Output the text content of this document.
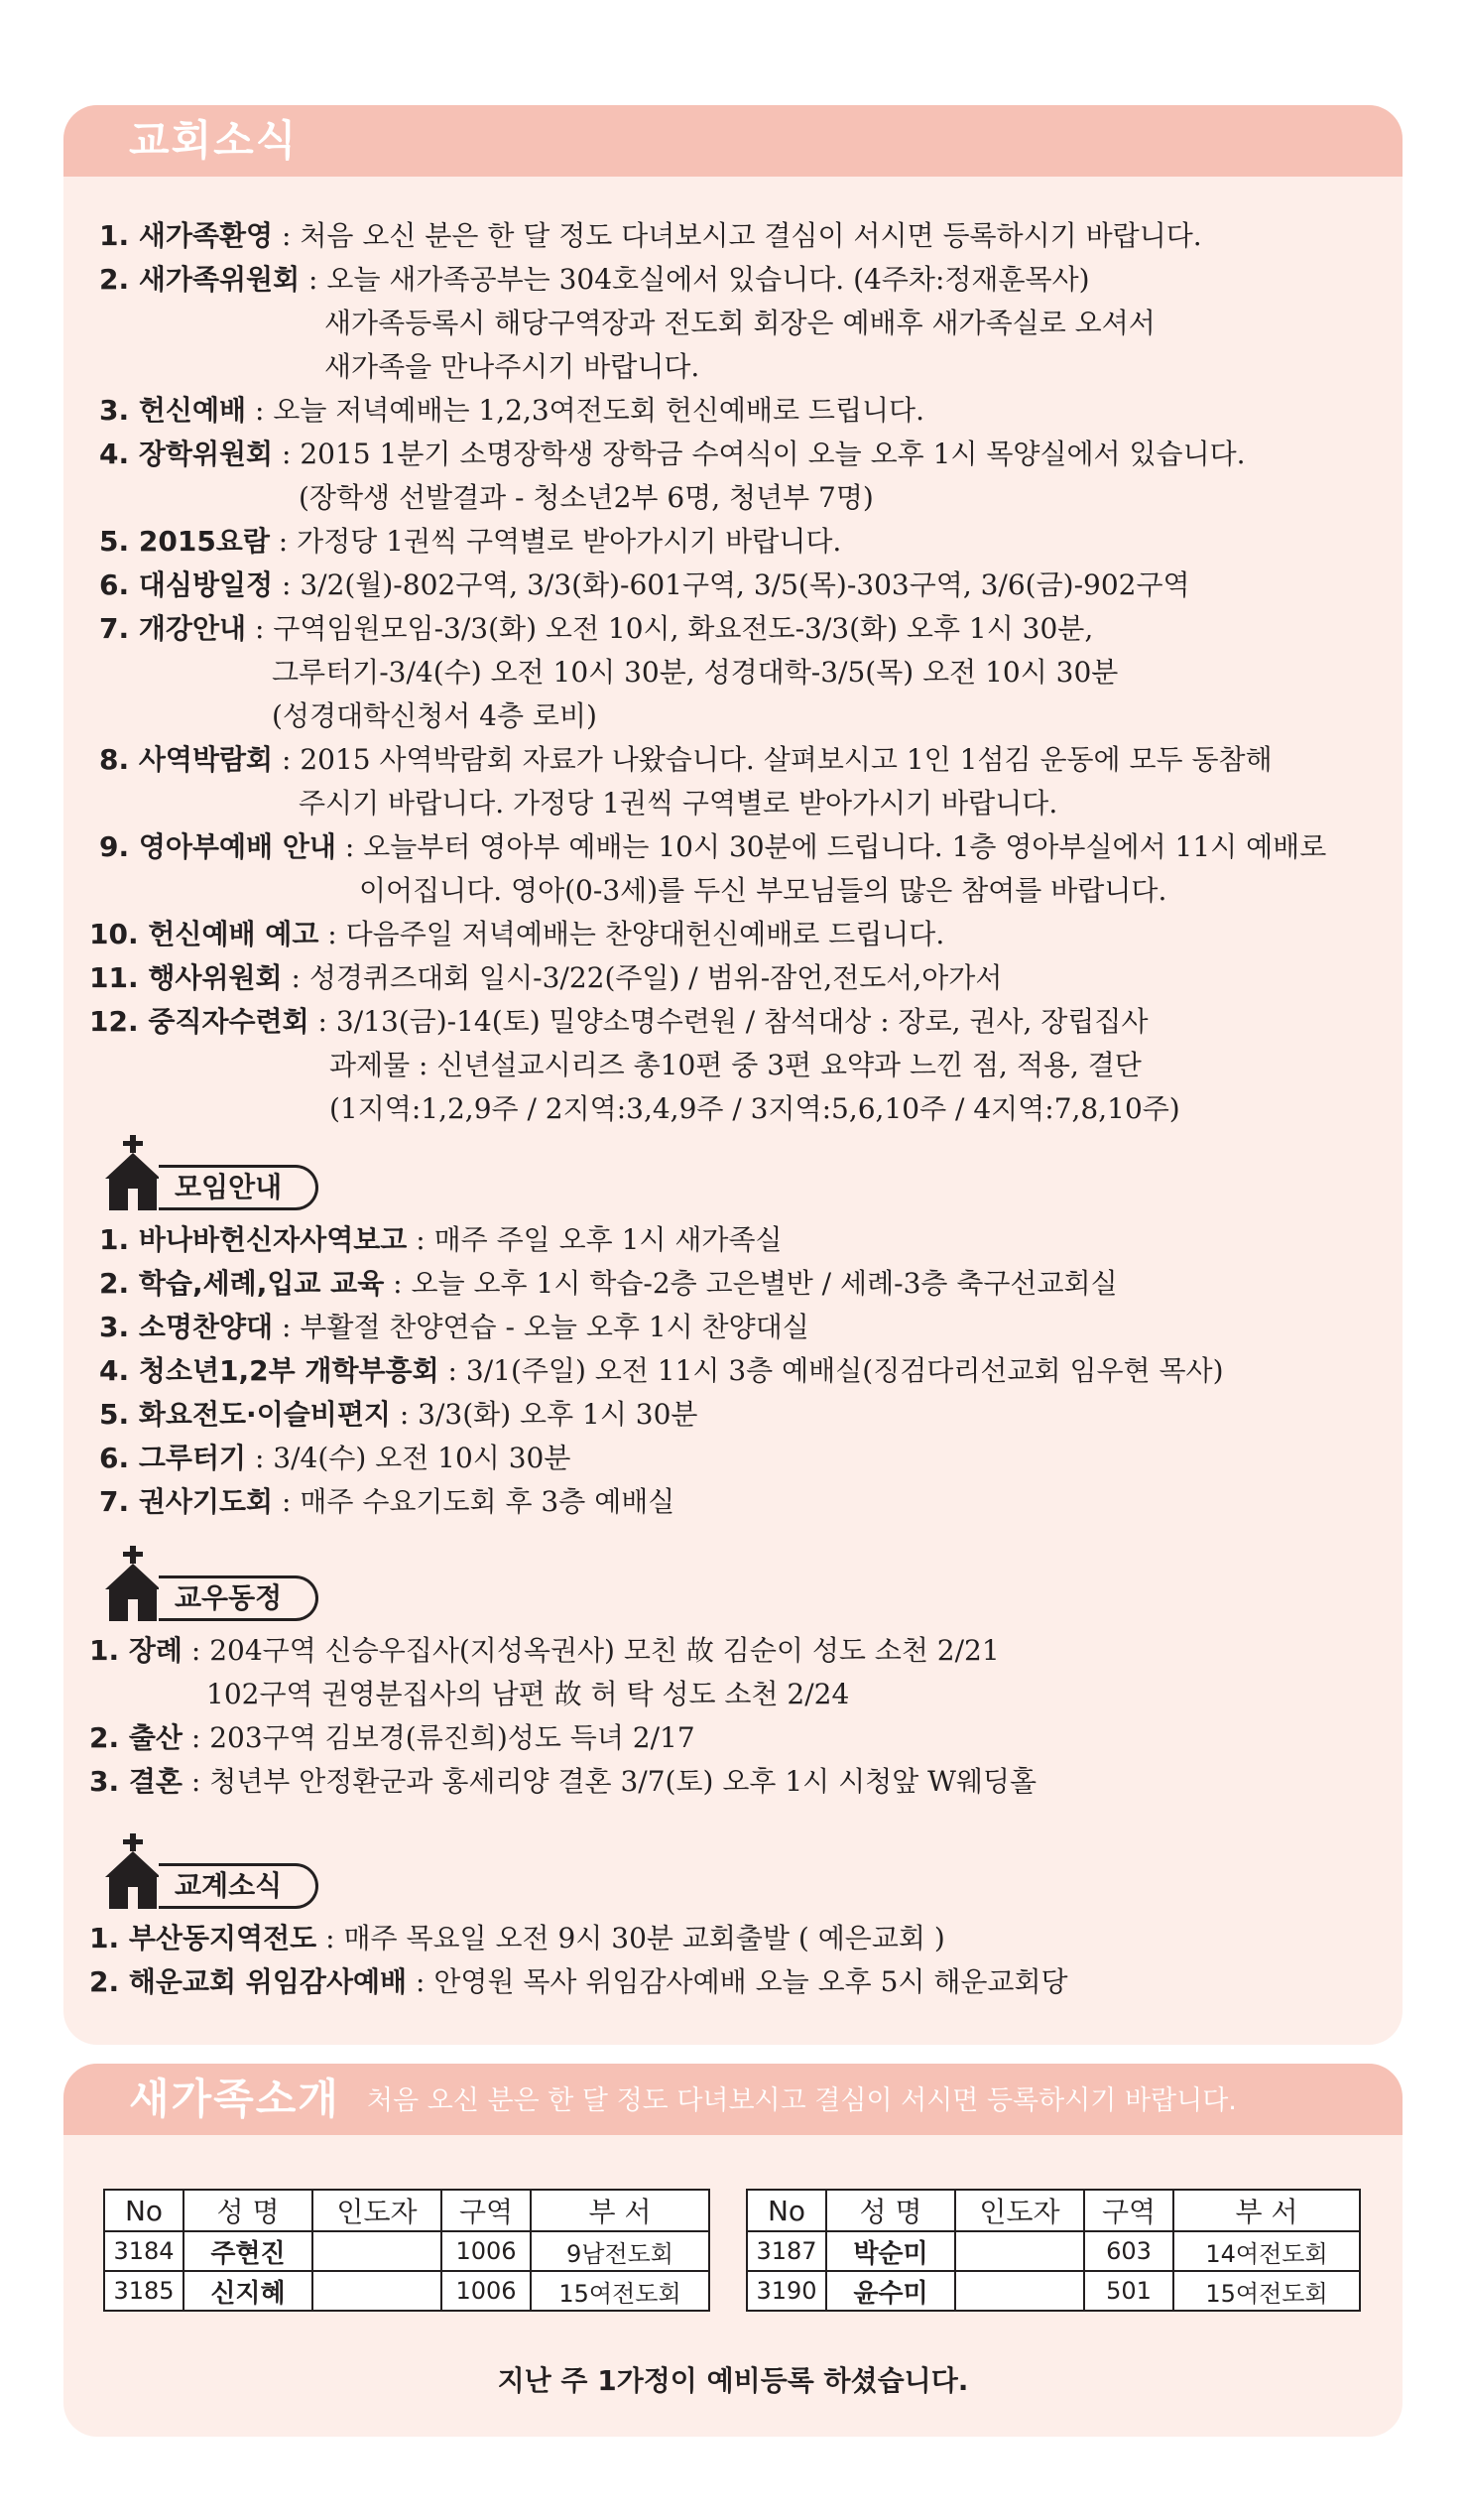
교회소식
1. 새가족환영 : 처음 오신 분은 한 달 정도 다녀보시고 결심이 서시면 등록하시기 바랍니다.
2. 새가족위원회 : 오늘 새가족공부는 304호실에서 있습니다. (4주차:정재훈목사)
새가족등록시 해당구역장과 전도회 회장은 예배후 새가족실로 오셔서
새가족을 만나주시기 바랍니다.
3. 헌신예배 : 오늘 저녁예배는 1,2,3여전도회 헌신예배로 드립니다.
4. 장학위원회 : 2015 1분기 소명장학생 장학금 수여식이 오늘 오후 1시 목양실에서 있습니다.
(장학생 선발결과 - 청소년2부 6명, 청년부 7명)
5. 2015요람 : 가정당 1권씩 구역별로 받아가시기 바랍니다.
6. 대심방일정 : 3/2(월)-802구역, 3/3(화)-601구역, 3/5(목)-303구역, 3/6(금)-902구역
7. 개강안내 : 구역임원모임-3/3(화) 오전 10시, 화요전도-3/3(화) 오후 1시 30분,
그루터기-3/4(수) 오전 10시 30분, 성경대학-3/5(목) 오전 10시 30분
(성경대학신청서 4층 로비)
8. 사역박람회 : 2015 사역박람회 자료가 나왔습니다. 살펴보시고 1인 1섬김 운동에 모두 동참해
주시기 바랍니다. 가정당 1권씩 구역별로 받아가시기 바랍니다.
9. 영아부예배 안내 : 오늘부터 영아부 예배는 10시 30분에 드립니다. 1층 영아부실에서 11시 예배로
이어집니다. 영아(0-3세)를 두신 부모님들의 많은 참여를 바랍니다.
10. 헌신예배 예고 : 다음주일 저녁예배는 찬양대헌신예배로 드립니다.
11. 행사위원회 : 성경퀴즈대회 일시-3/22(주일) / 범위-잠언,전도서,아가서
12. 중직자수련회 : 3/13(금)-14(토) 밀양소명수련원 / 참석대상 : 장로, 권사, 장립집사
과제물 : 신년설교시리즈 총10편 중 3편 요약과 느낀 점, 적용, 결단
(1지역:1,2,9주 / 2지역:3,4,9주 / 3지역:5,6,10주 / 4지역:7,8,10주)
모임안내
1. 바나바헌신자사역보고 : 매주 주일 오후 1시 새가족실
2. 학습,세례,입교 교육 : 오늘 오후 1시 학습-2층 고은별반 / 세례-3층 축구선교회실
3. 소명찬양대 : 부활절 찬양연습 - 오늘 오후 1시 찬양대실
4. 청소년1,2부 개학부흥회 : 3/1(주일) 오전 11시 3층 예배실(징검다리선교회 임우현 목사)
5. 화요전도·이슬비편지 : 3/3(화) 오후 1시 30분
6. 그루터기 : 3/4(수) 오전 10시 30분
7. 권사기도회 : 매주 수요기도회 후 3층 예배실
교우동정
1. 장례 : 204구역 신승우집사(지성옥권사) 모친 故 김순이 성도 소천 2/21
102구역 권영분집사의 남편 故 허 탁 성도 소천 2/24
2. 출산 : 203구역 김보경(류진희)성도 득녀 2/17
3. 결혼 : 청년부 안정환군과 홍세리양 결혼 3/7(토) 오후 1시 시청앞 W웨딩홀
교계소식
1. 부산동지역전도 : 매주 목요일 오전 9시 30분 교회출발 ( 예은교회 )
2. 해운교회 위임감사예배 : 안영원 목사 위임감사예배 오늘 오후 5시 해운교회당
새가족소개 처음 오신 분은 한 달 정도 다녀보시고 결심이 서시면 등록하시기 바랍니다.
No	성 명	인도자	구역	부 서
3184	주현진		1006	9남전도회
3185	신지혜		1006	15여전도회
No	성 명	인도자	구역	부 서
3187	박순미		603	14여전도회
3190	윤수미		501	15여전도회
지난 주 1가정이 예비등록 하셨습니다.
